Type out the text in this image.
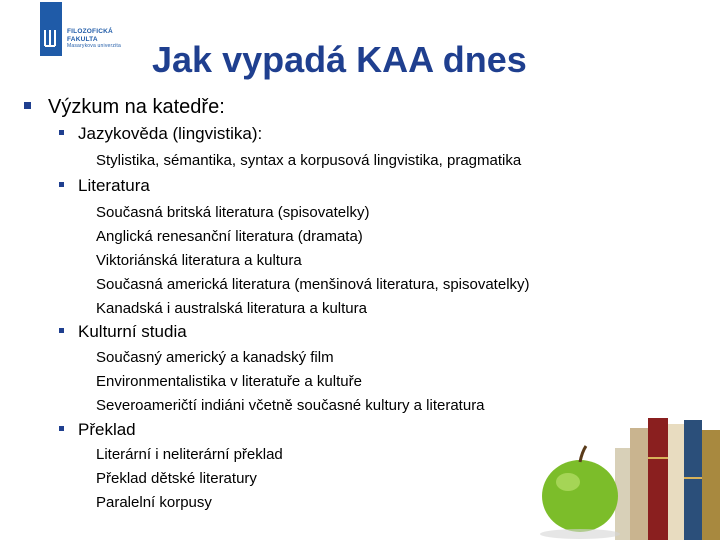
FILOZOFICKÁ
FAKULTA
Masarykova univerzita Jak vypadá KAA dnes
Výzkum na katedře:
Jazykověda (lingvistika):
Stylistika, sémantika, syntax a korpusová lingvistika, pragmatika
Literatura
Současná britská literatura (spisovatelky)
Anglická renesanční literatura (dramata)
Viktoriánská literatura a kultura
Současná americká literatura (menšinová literatura, spisovatelky)
Kanadská i australská literatura a kultura
Kulturní studia
Současný americký a kanadský film
Environmentalistika v literatuře a kultuře
Severoameričtí indiáni včetně současné kultury a literatura
Překlad
Literární i neliterární překlad
Překlad dětské literatury
Paralelní korpusy
